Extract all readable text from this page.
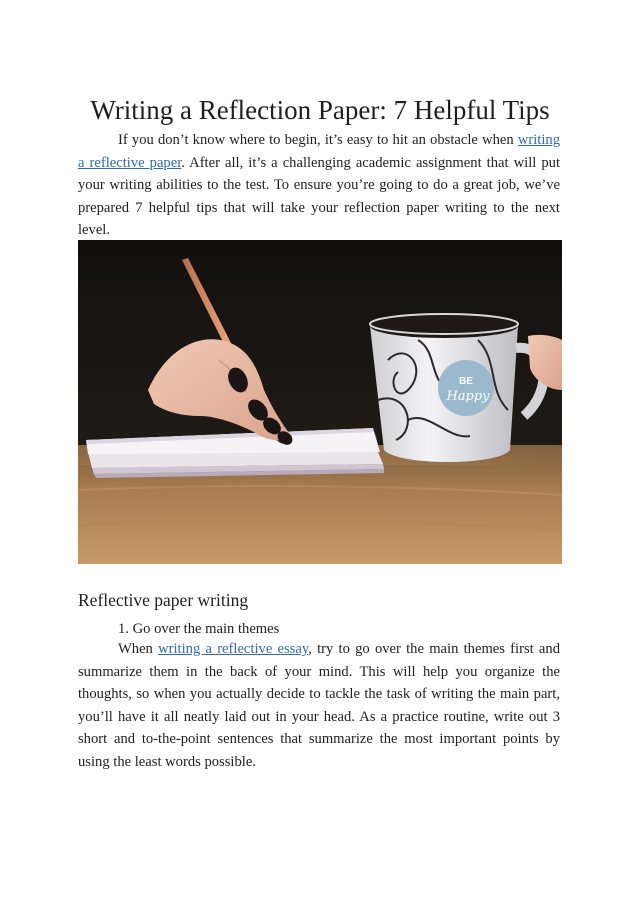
Writing a Reflection Paper: 7 Helpful Tips

If you don’t know where to begin, it’s easy to hit an obstacle when writing a reflective paper. After all, it’s a challenging academic assignment that will put your writing abilities to the test. To ensure you’re going to do a great job, we’ve prepared 7 helpful tips that will take your reflection paper writing to the next level.

BE
Happy
Reflective paper writing

1. Go over the main themes

When writing a reflective essay, try to go over the main themes first and summarize them in the back of your mind. This will help you organize the thoughts, so when you actually decide to tackle the task of writing the main part, you’ll have it all neatly laid out in your head. As a practice routine, write out 3 short and to-the-point sentences that summarize the most important points by using the least words possible.
